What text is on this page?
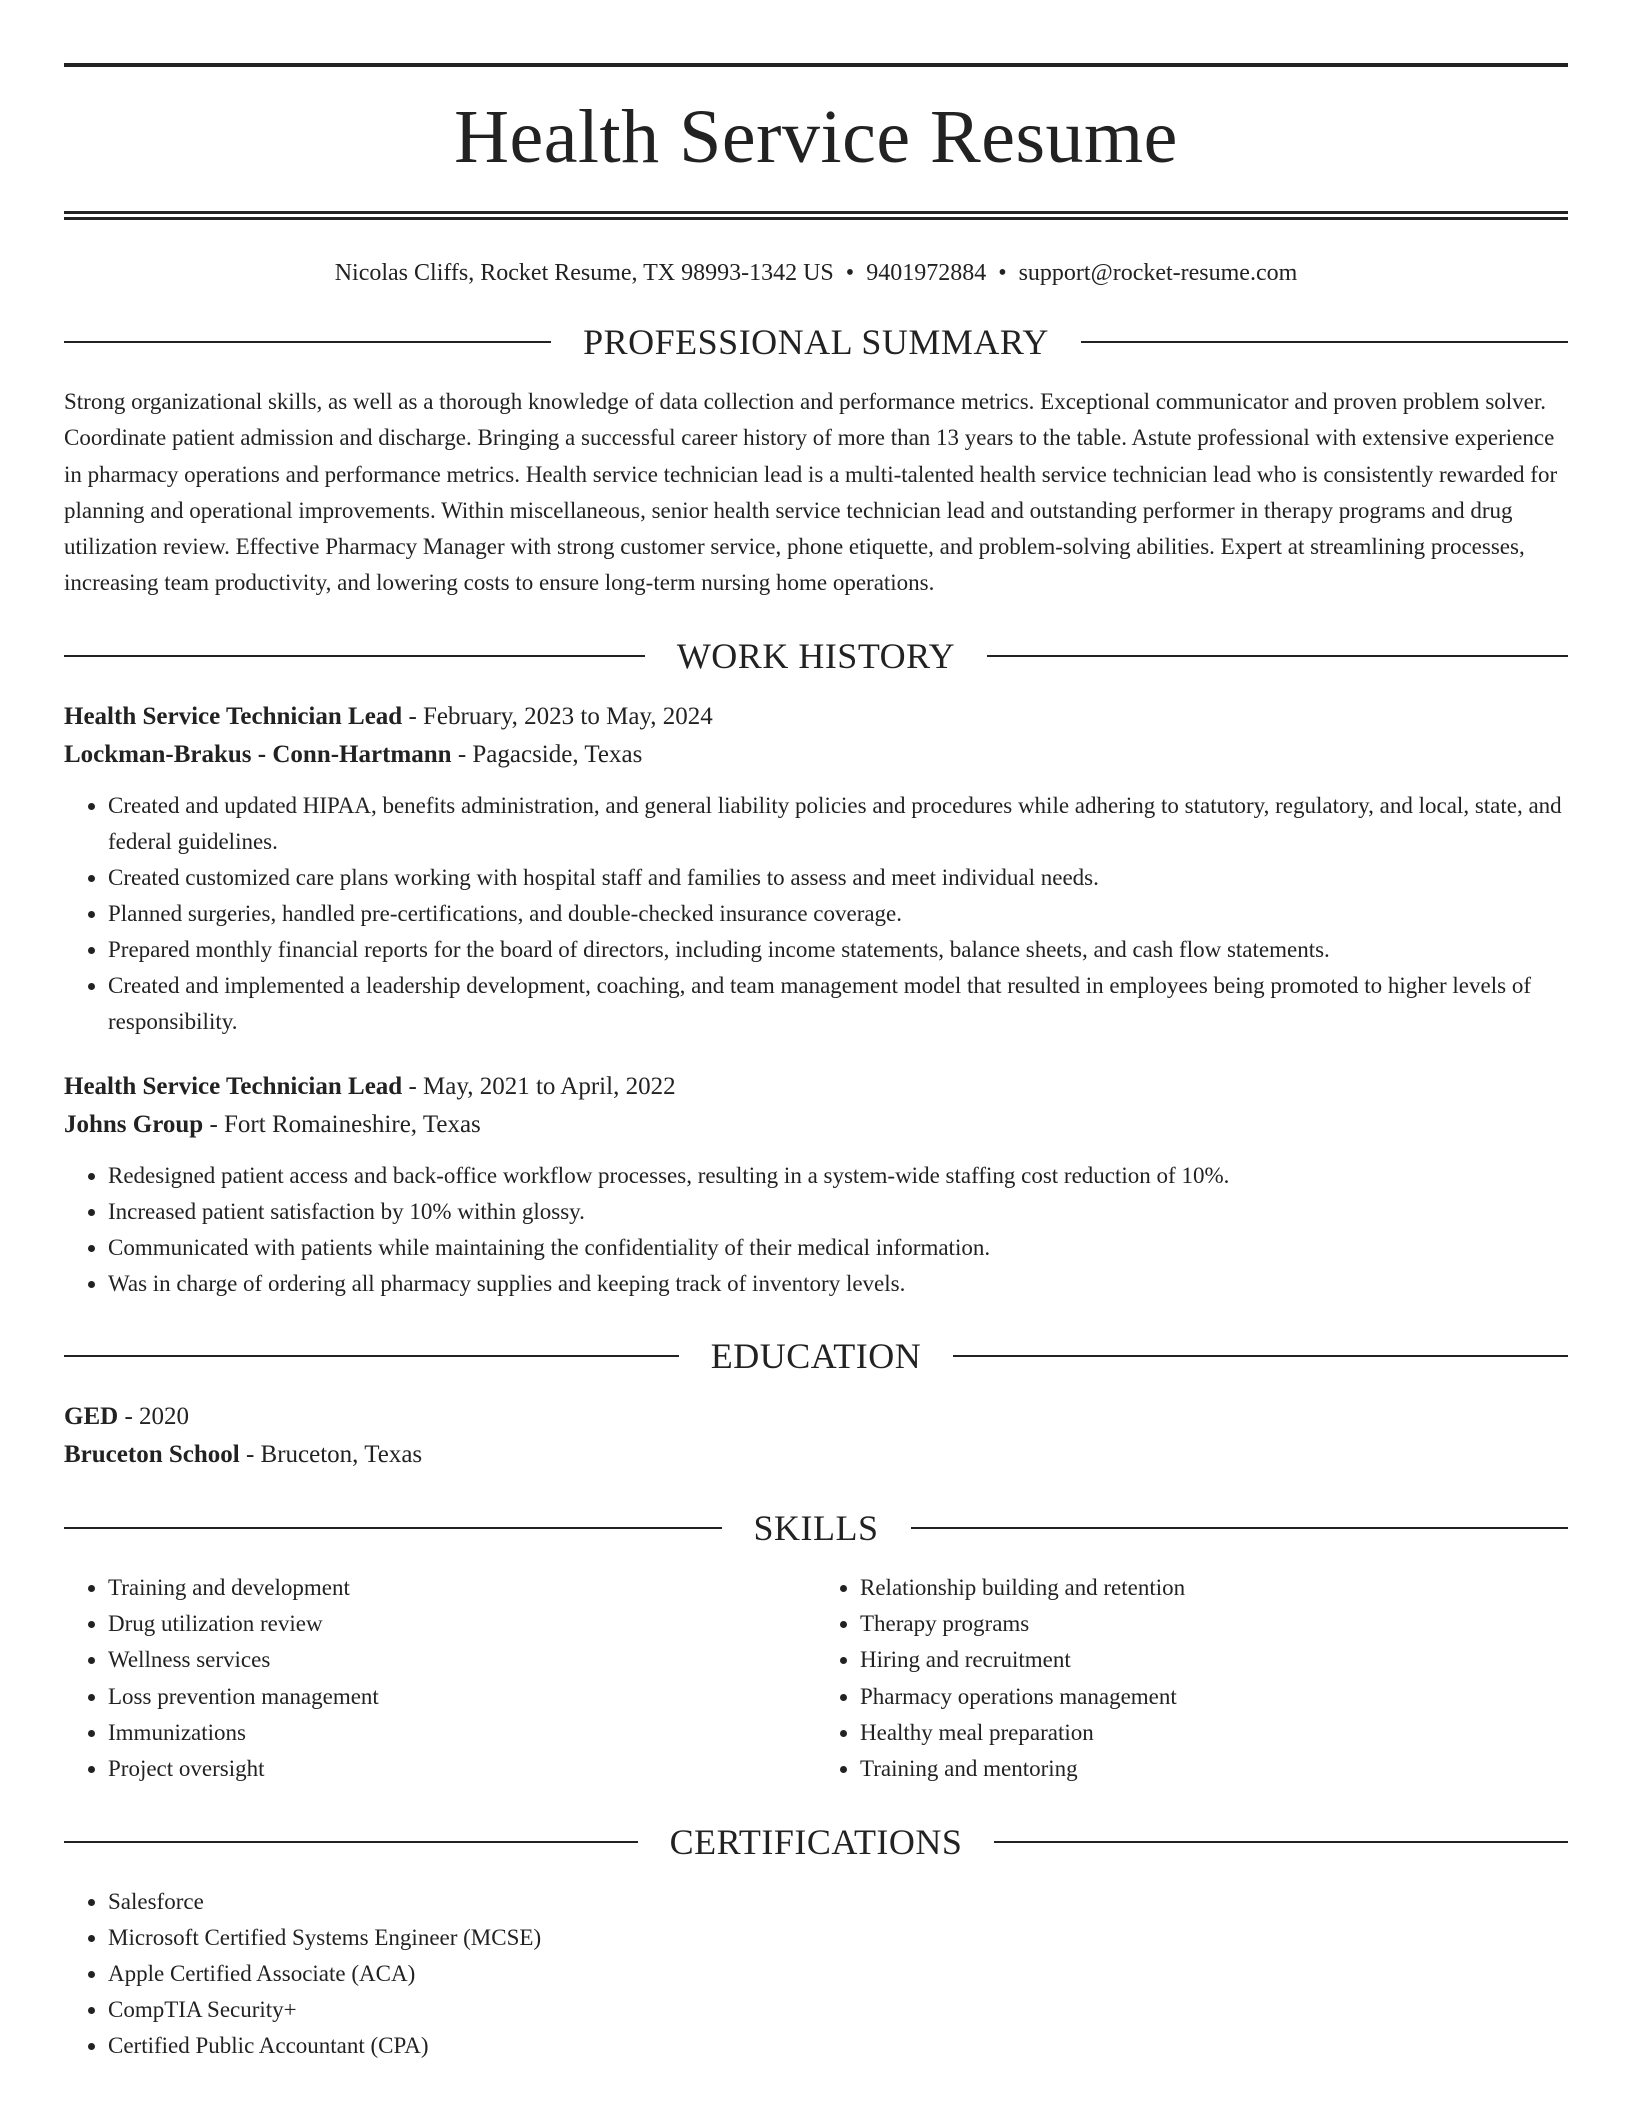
Health Service Resume
Nicolas Cliffs, Rocket Resume, TX 98993-1342 US • 9401972884 • support@rocket-resume.com
PROFESSIONAL SUMMARY

Strong organizational skills, as well as a thorough knowledge of data collection and performance metrics. Exceptional communicator and proven problem solver. Coordinate patient admission and discharge. Bringing a successful career history of more than 13 years to the table. Astute professional with extensive experience in pharmacy operations and performance metrics. Health service technician lead is a multi-talented health service technician lead who is consistently rewarded for planning and operational improvements. Within miscellaneous, senior health service technician lead and outstanding performer in therapy programs and drug utilization review. Effective Pharmacy Manager with strong customer service, phone etiquette, and problem-solving abilities. Expert at streamlining processes, increasing team productivity, and lowering costs to ensure long-term nursing home operations.

WORK HISTORY
Health Service Technician Lead - February, 2023 to May, 2024
Lockman-Brakus - Conn-Hartmann - Pagacside, Texas
• Created and updated HIPAA, benefits administration, and general liability policies and procedures while adhering to statutory, regulatory, and local, state, and federal guidelines.
• Created customized care plans working with hospital staff and families to assess and meet individual needs.
• Planned surgeries, handled pre-certifications, and double-checked insurance coverage.
• Prepared monthly financial reports for the board of directors, including income statements, balance sheets, and cash flow statements.
• Created and implemented a leadership development, coaching, and team management model that resulted in employees being promoted to higher levels of responsibility.
Health Service Technician Lead - May, 2021 to April, 2022
Johns Group - Fort Romaineshire, Texas
• Redesigned patient access and back-office workflow processes, resulting in a system-wide staffing cost reduction of 10%.
• Increased patient satisfaction by 10% within glossy.
• Communicated with patients while maintaining the confidentiality of their medical information.
• Was in charge of ordering all pharmacy supplies and keeping track of inventory levels.
EDUCATION
GED - 2020
Bruceton School - Bruceton, Texas
SKILLS
• Training and development
• Drug utilization review
• Wellness services
• Loss prevention management
• Immunizations
• Project oversight
• Relationship building and retention
• Therapy programs
• Hiring and recruitment
• Pharmacy operations management
• Healthy meal preparation
• Training and mentoring
CERTIFICATIONS
• Salesforce
• Microsoft Certified Systems Engineer (MCSE)
• Apple Certified Associate (ACA)
• CompTIA Security+
• Certified Public Accountant (CPA)
